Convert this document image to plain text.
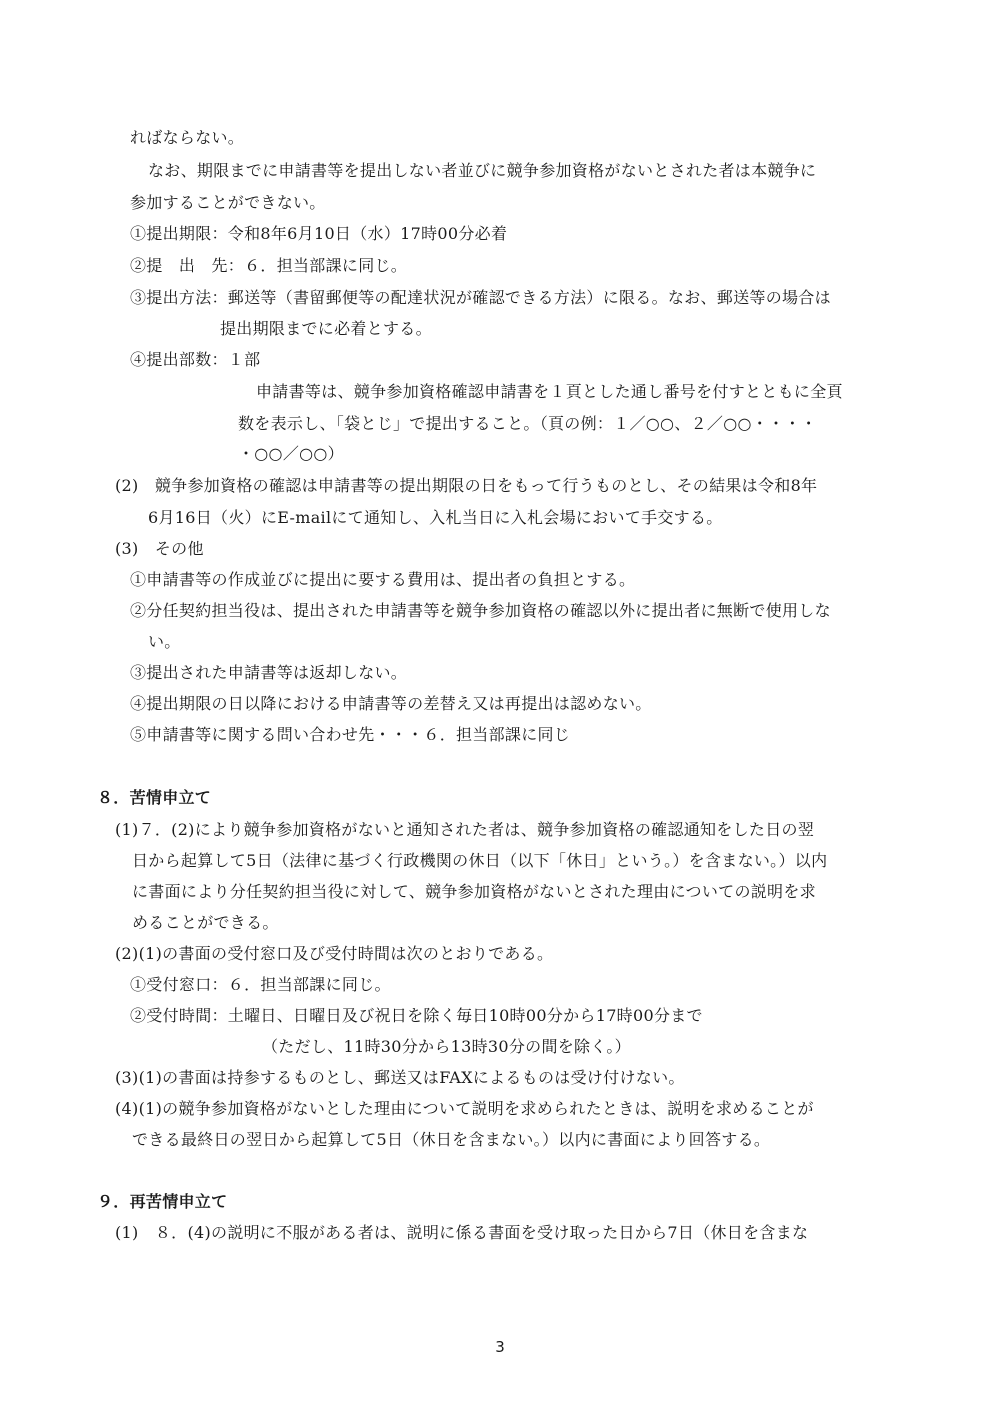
ればならない。
なお、期限までに申請書等を提出しない者並びに競争参加資格がないとされた者は本競争に
参加することができない。
①提出期限：令和8年6月10日（水）17時00分必着
②提　出　先：６．担当部課に同じ。
③提出方法：郵送等（書留郵便等の配達状況が確認できる方法）に限る。なお、郵送等の場合は
提出期限までに必着とする。
④提出部数：１部
申請書等は、競争参加資格確認申請書を１頁とした通し番号を付すとともに全頁
数を表示し、「袋とじ」で提出すること。（頁の例：１／○○、２／○○・・・・
・○○／○○）
(2)　競争参加資格の確認は申請書等の提出期限の日をもって行うものとし、その結果は令和8年
6月16日（火）にE-mailにて通知し、入札当日に入札会場において手交する。
(3)　その他
①申請書等の作成並びに提出に要する費用は、提出者の負担とする。
②分任契約担当役は、提出された申請書等を競争参加資格の確認以外に提出者に無断で使用しな
い。
③提出された申請書等は返却しない。
④提出期限の日以降における申請書等の差替え又は再提出は認めない。
⑤申請書等に関する問い合わせ先・・・６．担当部課に同じ
８．苦情申立て
(1)７．(2)により競争参加資格がないと通知された者は、競争参加資格の確認通知をした日の翌
日から起算して5日（法律に基づく行政機関の休日（以下「休日」という。）を含まない。）以内
に書面により分任契約担当役に対して、競争参加資格がないとされた理由についての説明を求
めることができる。
(2)(1)の書面の受付窓口及び受付時間は次のとおりである。
①受付窓口：６．担当部課に同じ。
②受付時間：土曜日、日曜日及び祝日を除く毎日10時00分から17時00分まで
（ただし、11時30分から13時30分の間を除く。）
(3)(1)の書面は持参するものとし、郵送又はFAXによるものは受け付けない。
(4)(1)の競争参加資格がないとした理由について説明を求められたときは、説明を求めることが
できる最終日の翌日から起算して5日（休日を含まない。）以内に書面により回答する。
９．再苦情申立て
(1)　８．(4)の説明に不服がある者は、説明に係る書面を受け取った日から7日（休日を含まな
3
